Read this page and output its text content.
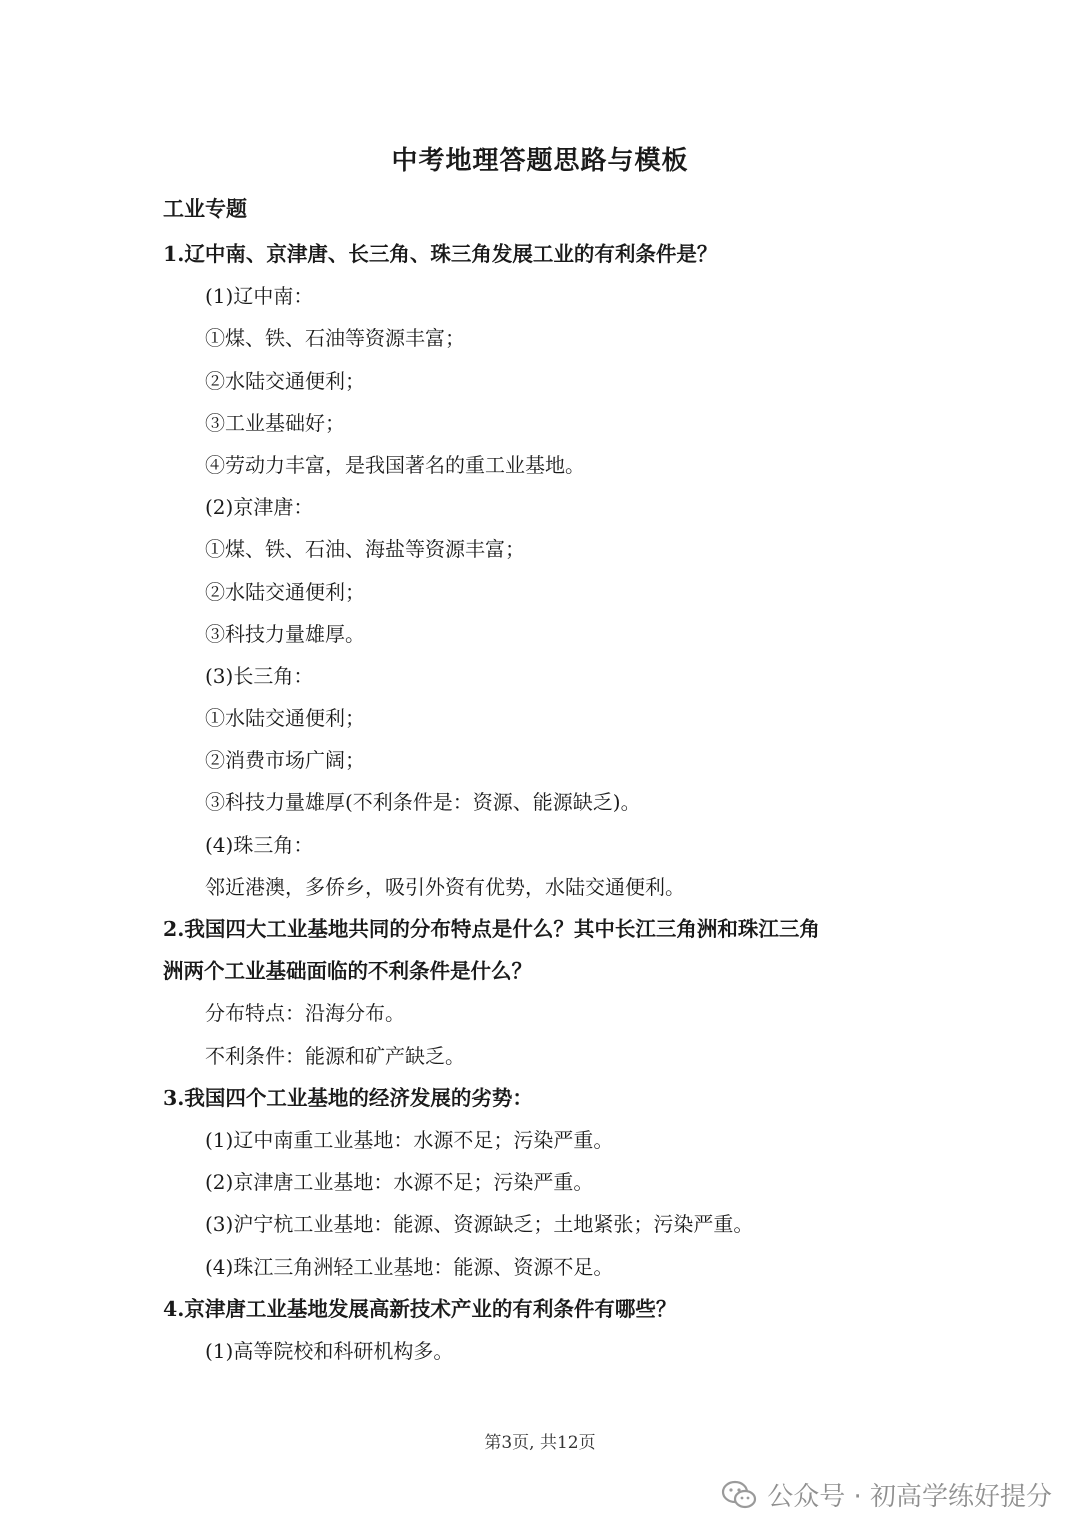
中考地理答题思路与模板
工业专题
1.辽中南、京津唐、长三角、珠三角发展工业的有利条件是？
(1)辽中南：
①煤、铁、石油等资源丰富；
②水陆交通便利；
③工业基础好；
④劳动力丰富，是我国著名的重工业基地。
(2)京津唐：
①煤、铁、石油、海盐等资源丰富；
②水陆交通便利；
③科技力量雄厚。
(3)长三角：
①水陆交通便利；
②消费市场广阔；
③科技力量雄厚(不利条件是：资源、能源缺乏)。
(4)珠三角：
邻近港澳，多侨乡，吸引外资有优势，水陆交通便利。
2.我国四大工业基地共同的分布特点是什么？其中长江三角洲和珠江三角
洲两个工业基础面临的不利条件是什么？
分布特点：沿海分布。
不利条件：能源和矿产缺乏。
3.我国四个工业基地的经济发展的劣势：
(1)辽中南重工业基地：水源不足；污染严重。
(2)京津唐工业基地：水源不足；污染严重。
(3)沪宁杭工业基地：能源、资源缺乏；土地紧张；污染严重。
(4)珠江三角洲轻工业基地：能源、资源不足。
4.京津唐工业基地发展高新技术产业的有利条件有哪些？
(1)高等院校和科研机构多。
第3页, 共12页
公众号 · 初高学练好提分
